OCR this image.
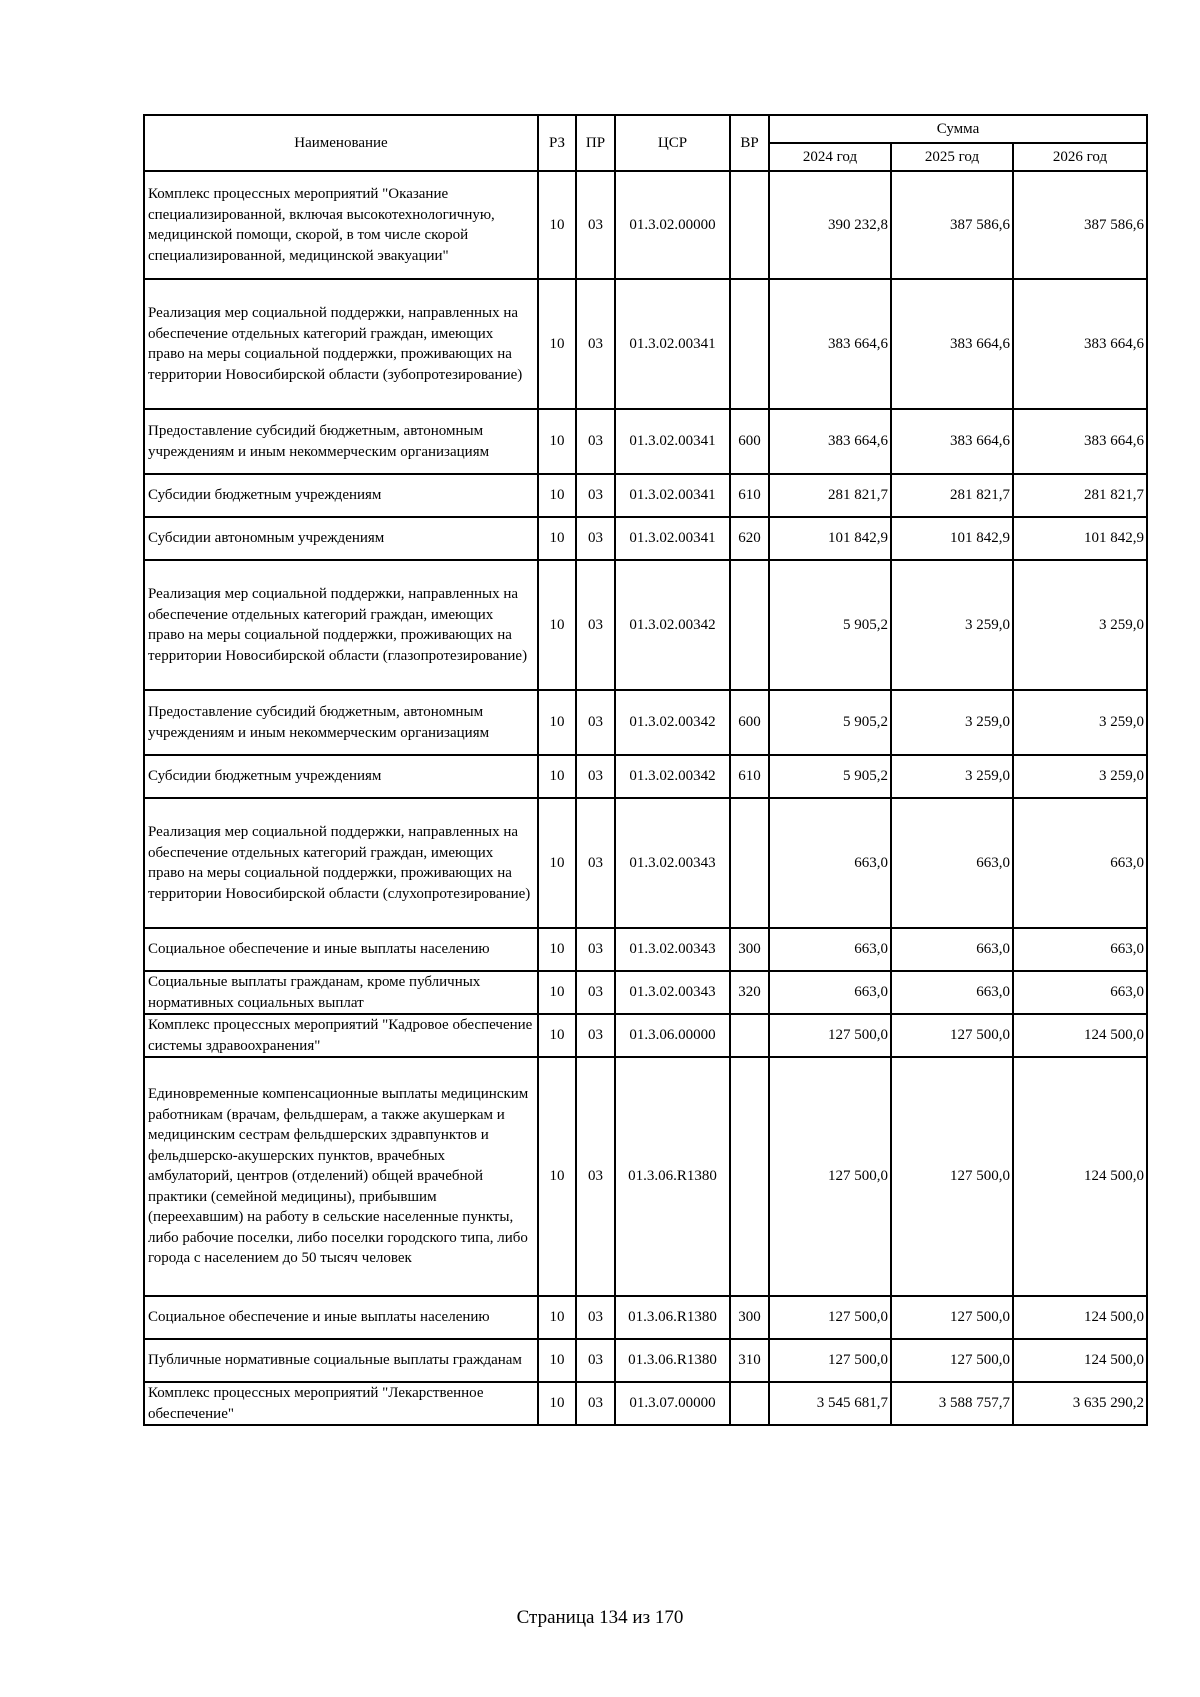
Наименование	РЗ	ПР	ЦСР	ВР	Сумма		
					2024 год	2025 год	2026 год
Комплекс процессных мероприятий "Оказание специализированной, включая высокотехнологичную, медицинской помощи, скорой, в том числе скорой специализированной, медицинской эвакуации"	10	03	01.3.02.00000		390 232,8	387 586,6	387 586,6
Реализация мер социальной поддержки, направленных на обеспечение отдельных категорий граждан, имеющих право на меры социальной поддержки, проживающих на территории Новосибирской области (зубопротезирование)	10	03	01.3.02.00341		383 664,6	383 664,6	383 664,6
Предоставление субсидий бюджетным, автономным учреждениям и иным некоммерческим организациям	10	03	01.3.02.00341	600	383 664,6	383 664,6	383 664,6
Субсидии бюджетным учреждениям	10	03	01.3.02.00341	610	281 821,7	281 821,7	281 821,7
Субсидии автономным учреждениям	10	03	01.3.02.00341	620	101 842,9	101 842,9	101 842,9
Реализация мер социальной поддержки, направленных на обеспечение отдельных категорий граждан, имеющих право на меры социальной поддержки, проживающих на территории Новосибирской области (глазопротезирование)	10	03	01.3.02.00342		5 905,2	3 259,0	3 259,0
Предоставление субсидий бюджетным, автономным учреждениям и иным некоммерческим организациям	10	03	01.3.02.00342	600	5 905,2	3 259,0	3 259,0
Субсидии бюджетным учреждениям	10	03	01.3.02.00342	610	5 905,2	3 259,0	3 259,0
Реализация мер социальной поддержки, направленных на обеспечение отдельных категорий граждан, имеющих право на меры социальной поддержки, проживающих на территории Новосибирской области (слухопротезирование)	10	03	01.3.02.00343		663,0	663,0	663,0
Социальное обеспечение и иные выплаты населению	10	03	01.3.02.00343	300	663,0	663,0	663,0
Социальные выплаты гражданам, кроме публичных нормативных социальных выплат	10	03	01.3.02.00343	320	663,0	663,0	663,0
Комплекс процессных мероприятий "Кадровое обеспечение системы здравоохранения"	10	03	01.3.06.00000		127 500,0	127 500,0	124 500,0
Единовременные компенсационные выплаты медицинским работникам (врачам, фельдшерам, а также акушеркам и медицинским сестрам фельдшерских здравпунктов и фельдшерско-акушерских пунктов, врачебных амбулаторий, центров (отделений) общей врачебной практики (семейной медицины), прибывшим (переехавшим) на работу в сельские населенные пункты, либо рабочие поселки, либо поселки городского типа, либо города с населением до 50 тысяч человек	10	03	01.3.06.R1380		127 500,0	127 500,0	124 500,0
Социальное обеспечение и иные выплаты населению	10	03	01.3.06.R1380	300	127 500,0	127 500,0	124 500,0
Публичные нормативные социальные выплаты гражданам	10	03	01.3.06.R1380	310	127 500,0	127 500,0	124 500,0
Комплекс процессных мероприятий "Лекарственное обеспечение"	10	03	01.3.07.00000		3 545 681,7	3 588 757,7	3 635 290,2
Страница 134 из 170
